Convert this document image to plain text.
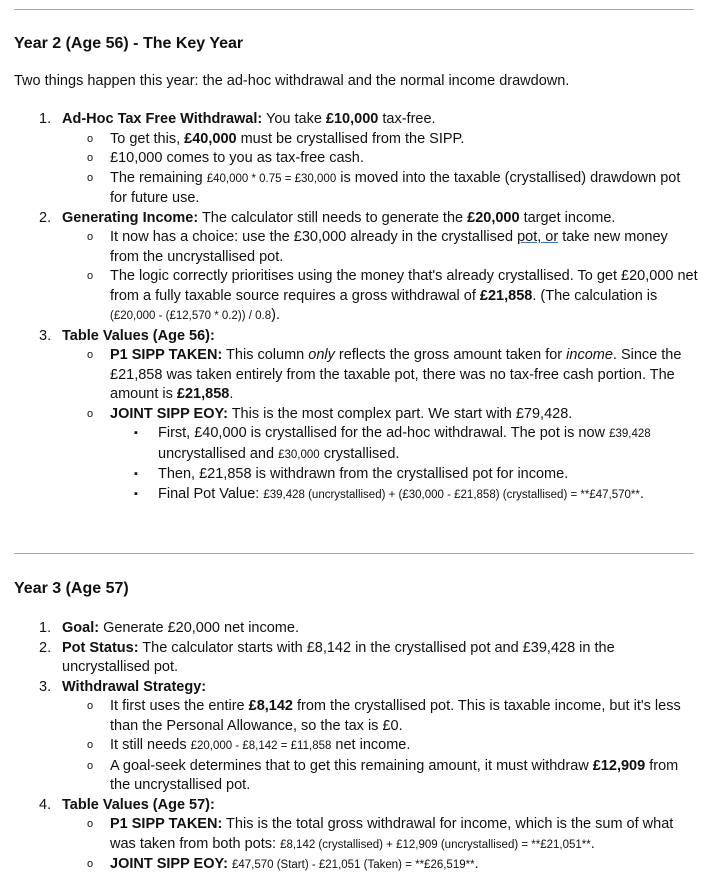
Year 2 (Age 56) - The Key Year
Two things happen this year: the ad-hoc withdrawal and the normal income drawdown.
1. Ad-Hoc Tax Free Withdrawal: You take £10,000 tax-free.
o To get this, £40,000 must be crystallised from the SIPP.
o £10,000 comes to you as tax-free cash.
o The remaining £40,000 * 0.75 = £30,000 is moved into the taxable (crystallised) drawdown pot for future use.
2. Generating Income: The calculator still needs to generate the £20,000 target income.
o It now has a choice: use the £30,000 already in the crystallised pot, or take new money from the uncrystallised pot.
o The logic correctly prioritises using the money that's already crystallised. To get £20,000 net from a fully taxable source requires a gross withdrawal of £21,858. (The calculation is (£20,000 - (£12,570 * 0.2)) / 0.8).
3. Table Values (Age 56):
o P1 SIPP TAKEN: This column only reflects the gross amount taken for income. Since the £21,858 was taken entirely from the taxable pot, there was no tax-free cash portion. The amount is £21,858.
o JOINT SIPP EOY: This is the most complex part. We start with £79,428.
▪ First, £40,000 is crystallised for the ad-hoc withdrawal. The pot is now £39,428 uncrystallised and £30,000 crystallised.
▪ Then, £21,858 is withdrawn from the crystallised pot for income.
▪ Final Pot Value: £39,428 (uncrystallised) + (£30,000 - £21,858) (crystallised) = **£47,570**.
Year 3 (Age 57)
1. Goal: Generate £20,000 net income.
2. Pot Status: The calculator starts with £8,142 in the crystallised pot and £39,428 in the uncrystallised pot.
3. Withdrawal Strategy:
o It first uses the entire £8,142 from the crystallised pot. This is taxable income, but it's less than the Personal Allowance, so the tax is £0.
o It still needs £20,000 - £8,142 = £11,858 net income.
o A goal-seek determines that to get this remaining amount, it must withdraw £12,909 from the uncrystallised pot.
4. Table Values (Age 57):
o P1 SIPP TAKEN: This is the total gross withdrawal for income, which is the sum of what was taken from both pots: £8,142 (crystallised) + £12,909 (uncrystallised) = **£21,051**.
o JOINT SIPP EOY: £47,570 (Start) - £21,051 (Taken) = **£26,519**.
